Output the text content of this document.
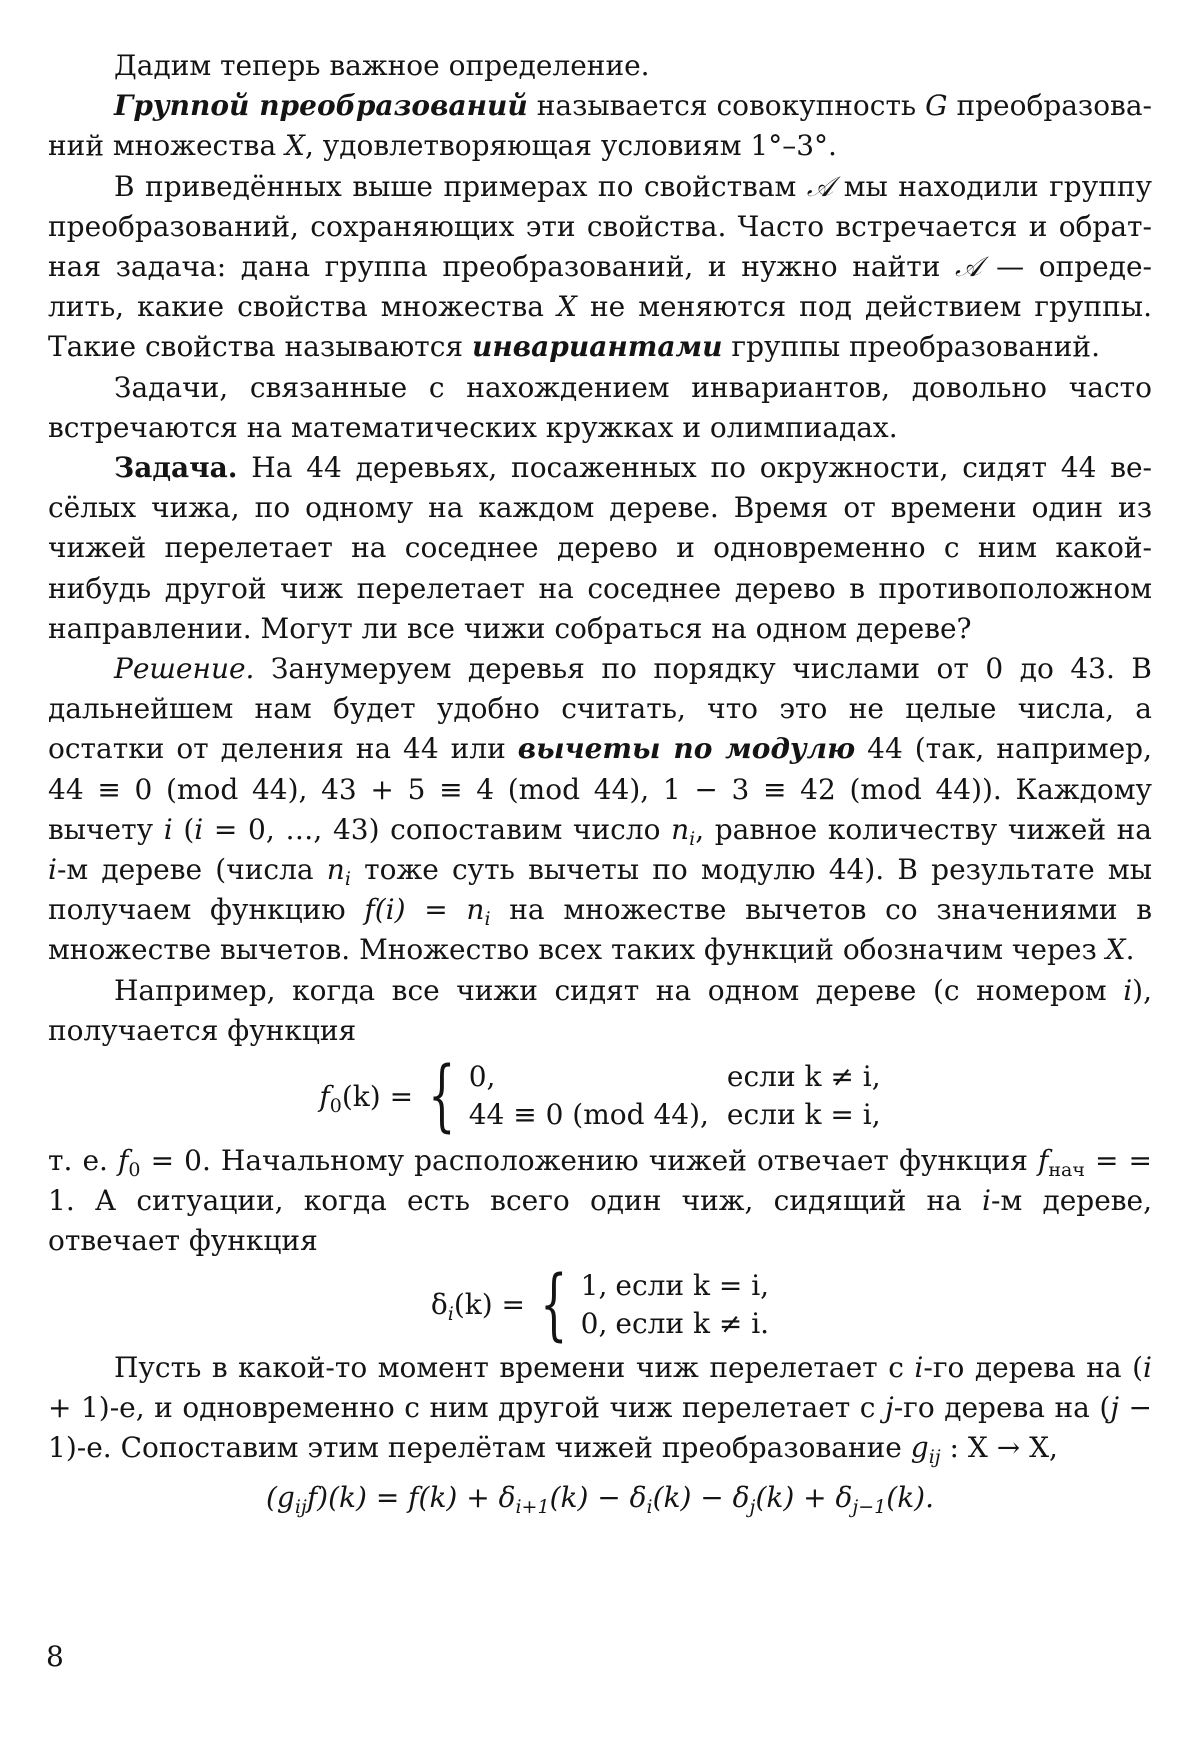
Дадим теперь важное определение.

Группой преобразований называется совокупность G преобразований множества X, удовлетворяющая условиям 1°–3°.

В приведённых выше примерах по свойствам 𝒜 мы находили группу преобразований, сохраняющих эти свойства. Часто встречается и обратная задача: дана группа преобразований, и нужно найти 𝒜 — определить, какие свойства множества X не меняются под действием группы. Такие свойства называются инвариантами группы преобразований.

Задачи, связанные с нахождением инвариантов, довольно часто встречаются на математических кружках и олимпиадах.

Задача. На 44 деревьях, посаженных по окружности, сидят 44 весёлых чижа, по одному на каждом дереве. Время от времени один из чижей перелетает на соседнее дерево и одновременно с ним какой-нибудь другой чиж перелетает на соседнее дерево в противоположном направлении. Могут ли все чижи собраться на одном дереве?

Решение. Занумеруем деревья по порядку числами от 0 до 43. В дальнейшем нам будет удобно считать, что это не целые числа, а остатки от деления на 44 или вычеты по модулю 44 (так, например, 44 ≡ 0 (mod 44), 43 + 5 ≡ 4 (mod 44), 1 − 3 ≡ 42 (mod 44)). Каждому вычету i (i = 0, …, 43) сопоставим число $n_i$, равное количеству чижей на i-м дереве (числа $n_i$ тоже суть вычеты по модулю 44). В результате мы получаем функцию $f(i) = n_i$ на множестве вычетов со значениями в множестве вычетов. Множество всех таких функций обозначим через X.

Например, когда все чижи сидят на одном дереве (с номером i), получается функция

$f_0(k)$ = { 0,	если k ≠ i,
44 ≡ 0 (mod 44), если k = i,

т. е. $f_0 = 0$. Начальному расположению чижей отвечает функция $f_{нач}$ = = 1. А ситуации, когда есть всего один чиж, сидящий на i-м дереве, отвечает функция

$\delta_i(k)$ = { 1, если k = i,
0, если k ≠ i.

Пусть в какой-то момент времени чиж перелетает с i-го дерева на (i + 1)-е, и одновременно с ним другой чиж перелетает с j-го дерева на (j − 1)-е. Сопоставим этим перелётам чижей преобразование $g_{ij}$ : X → X,

$(g_{ij}f)(k) = f(k) + \delta_{i+1}(k) - \delta_i(k) - \delta_j(k) + \delta_{j-1}(k)$.
8
